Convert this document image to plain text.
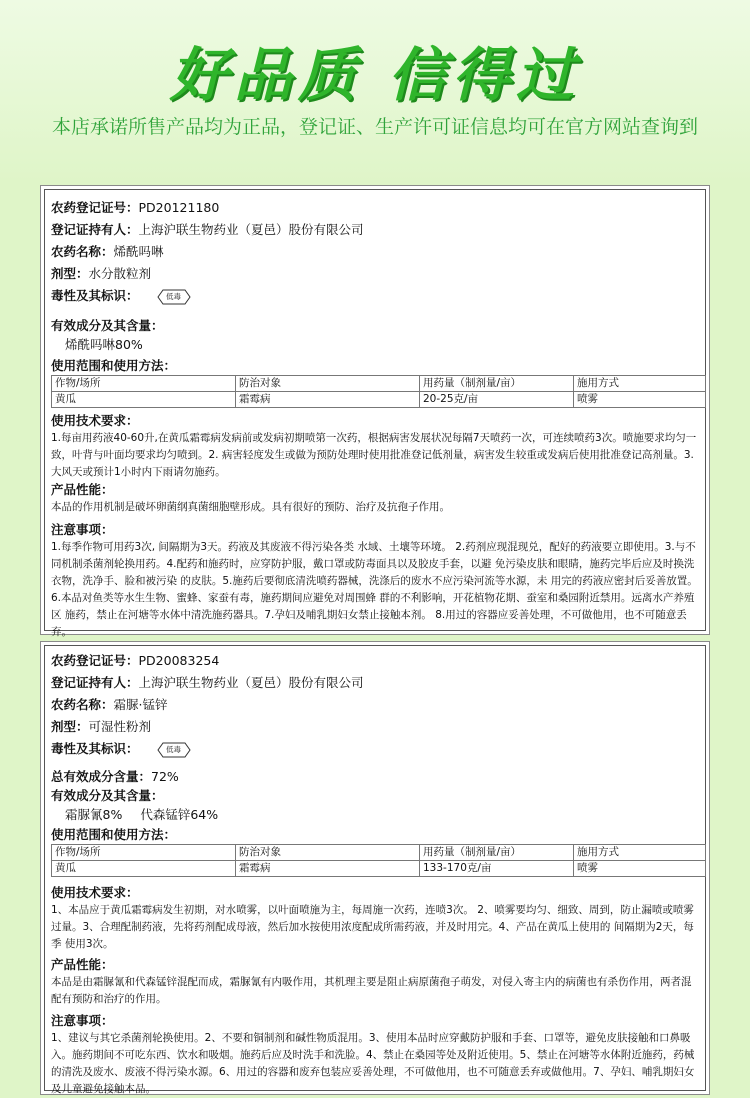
好品质 信得过
本店承诺所售产品均为正品，登记证、生产许可证信息均可在官方网站查询到
农药登记证号：PD20121180
登记证持有人：上海沪联生物药业（夏邑）股份有限公司
农药名称：烯酰吗啉
剂型：水分散粒剂
毒性及其标识：	低毒
有效成分及其含量：
烯酰吗啉80%
使用范围和使用方法：
作物/场所	防治对象	用药量（制剂量/亩）	施用方式
黄瓜	霜霉病	20-25克/亩	喷雾
使用技术要求：
1.每亩用药液40-60升,在黄瓜霜霉病发病前或发病初期喷第一次药，根据病害发展状况每隔7天喷药一次，可连续喷药3次。喷施要求均匀一致，叶背与叶面均要求均匀喷到。2. 病害轻度发生或做为预防处理时使用批准登记低剂量，病害发生较重或发病后使用批准登记高剂量。3.大风天或预计1小时内下雨请勿施药。
产品性能：
本品的作用机制是破坏卵菌纲真菌细胞壁形成。具有很好的预防、治疗及抗孢子作用。
注意事项：
1.每季作物可用药3次, 间隔期为3天。药液及其废液不得污染各类 水域、土壤等环境。 2.药剂应现混现兑，配好的药液要立即使用。3.与不同机制杀菌剂轮换用药。4.配药和施药时，应穿防护服，戴口罩或防毒面具以及胶皮手套，以避 免污染皮肤和眼睛，施药完毕后应及时换洗衣物，洗净手、脸和被污染 的皮肤。5.施药后要彻底清洗喷药器械，洗涤后的废水不应污染河流等水源，未 用完的药液应密封后妥善放置。6.本品对鱼类等水生生物、蜜蜂、家蚕有毒，施药期间应避免对周围蜂 群的不利影响，开花植物花期、蚕室和桑园附近禁用。远离水产养殖区 施药，禁止在河塘等水体中清洗施药器具。7.孕妇及哺乳期妇女禁止接触本剂。 8.用过的容器应妥善处理，不可做他用，也不可随意丢弃。
农药登记证号：PD20083254
登记证持有人：上海沪联生物药业（夏邑）股份有限公司
农药名称：霜脲·锰锌
剂型：可湿性粉剂
毒性及其标识：	低毒
总有效成分含量：72%
有效成分及其含量：
霜脲氰8% 代森锰锌64%
使用范围和使用方法：
作物/场所	防治对象	用药量（制剂量/亩）	施用方式
黄瓜	霜霉病	133-170克/亩	喷雾
使用技术要求：
1、本品应于黄瓜霜霉病发生初期，对水喷雾，以叶面喷施为主，每周施一次药，连喷3次。 2、喷雾要均匀、细致、周到，防止漏喷或喷雾过量。3、合理配制药液，先将药剂配成母液，然后加水按使用浓度配成所需药液，并及时用完。4、产品在黄瓜上使用的 间隔期为2天，每季 使用3次。
产品性能：
本品是由霜脲氰和代森锰锌混配而成，霜脲氰有内吸作用，其机理主要是阻止病原菌孢子萌发，对侵入寄主内的病菌也有杀伤作用，两者混配有预防和治疗的作用。
注意事项：
1、建议与其它杀菌剂轮换使用。2、不要和铜制剂和碱性物质混用。3、使用本品时应穿戴防护服和手套、口罩等，避免皮肤接触和口鼻吸入。施药期间不可吃东西、饮水和吸烟。施药后应及时洗手和洗脸。4、禁止在桑园等处及附近使用。5、禁止在河塘等水体附近施药，药械的清洗及废水、废液不得污染水源。6、用过的容器和废弃包装应妥善处理，不可做他用，也不可随意丢弃或做他用。7、孕妇、哺乳期妇女及儿童避免接触本品。
